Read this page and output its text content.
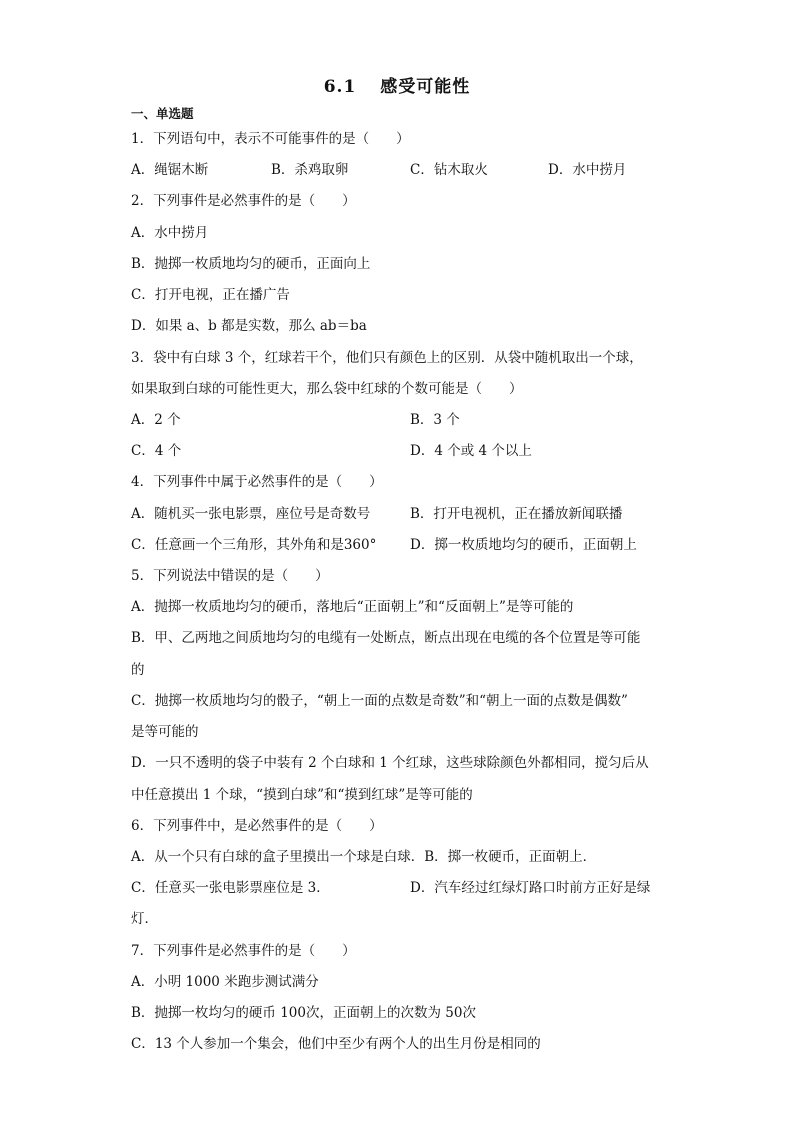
6.1 感受可能性
一、单选题
1．下列语句中，表示不可能事件的是（　　）
A．绳锯木断	B．杀鸡取卵	C．钻木取火	D．水中捞月
2．下列事件是必然事件的是（　　）
A．水中捞月
B．抛掷一枚质地均匀的硬币，正面向上
C．打开电视，正在播广告
D．如果 a、b 都是实数，那么 ab＝ba
3．袋中有白球 3 个，红球若干个，他们只有颜色上的区别．从袋中随机取出一个球，
如果取到白球的可能性更大，那么袋中红球的个数可能是（　　）
A．2 个	B．3 个
C．4 个	D．4 个或 4 个以上
4．下列事件中属于必然事件的是（　　）
A．随机买一张电影票，座位号是奇数号	B．打开电视机，正在播放新闻联播
C．任意画一个三角形，其外角和是360° D．掷一枚质地均匀的硬币，正面朝上
5．下列说法中错误的是（　　）
A．抛掷一枚质地均匀的硬币，落地后“正面朝上”和“反面朝上”是等可能的
B．甲、乙两地之间质地均匀的电缆有一处断点，断点出现在电缆的各个位置是等可能
的
C．抛掷一枚质地均匀的骰子，“朝上一面的点数是奇数”和“朝上一面的点数是偶数”
是等可能的
D．一只不透明的袋子中装有 2 个白球和 1 个红球，这些球除颜色外都相同，搅匀后从
中任意摸出 1 个球，“摸到白球”和“摸到红球”是等可能的
6．下列事件中，是必然事件的是（　　）
A．从一个只有白球的盒子里摸出一个球是白球．B．掷一枚硬币，正面朝上．
C．任意买一张电影票座位是 3．	D．汽车经过红绿灯路口时前方正好是绿
灯．
7．下列事件是必然事件的是（　　）
A．小明 1000 米跑步测试满分
B．抛掷一枚均匀的硬币 100次，正面朝上的次数为 50次
C．13 个人参加一个集会，他们中至少有两个人的出生月份是相同的
